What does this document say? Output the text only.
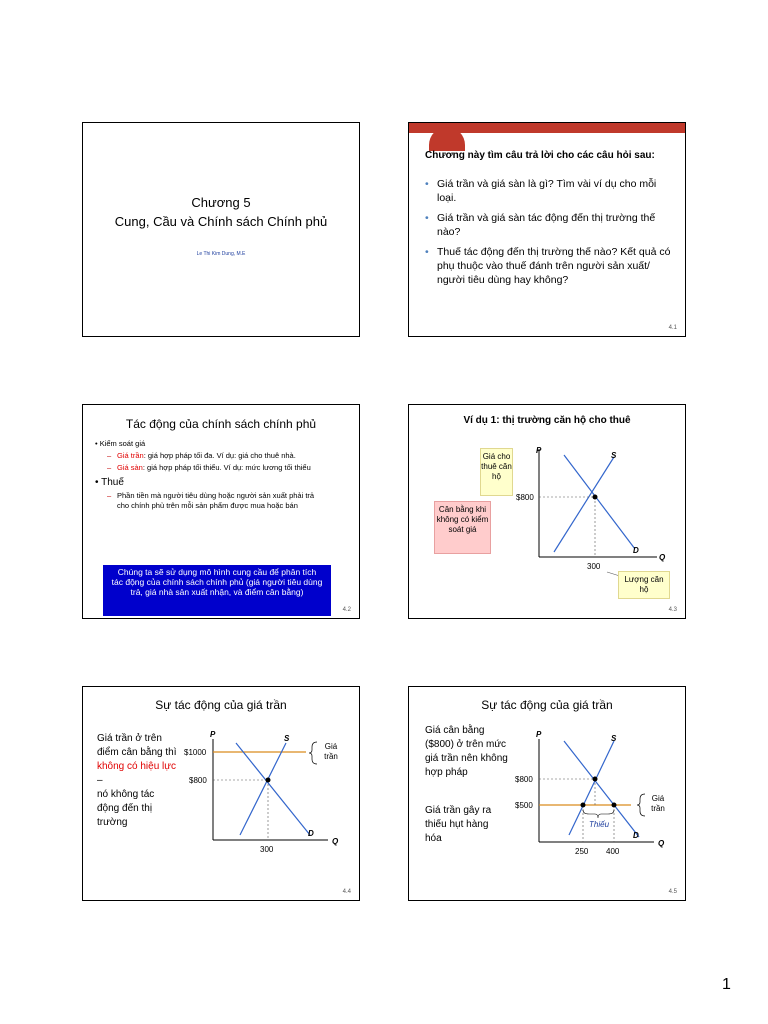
Chương 5
Cung, Cầu và Chính sách Chính phủ
Le Thi Kim Dung, M.E
Chương này tìm câu trả lời cho các câu hỏi sau:
• Giá trần và giá sàn là gì? Tìm vài ví dụ cho mỗi loại.
• Giá trần và giá sàn tác động đến thị trường thế nào?
• Thuế tác động đến thị trường thế nào? Kết quả có phụ thuộc vào thuế đánh trên người sản xuất/ người tiêu dùng hay không?
4.1
Tác động của chính sách chính phủ
• Kiểm soát giá
– Giá trần: giá hợp pháp tối đa. Ví dụ: giá cho thuê nhà.
– Giá sàn: giá hợp pháp tối thiểu. Ví dụ: mức lương tối thiểu
• Thuế
– Phần tiền mà người tiêu dùng hoặc người sản xuất phải trả cho chính phủ trên mỗi sản phẩm được mua hoặc bán
Chúng ta sẽ sử dụng mô hình cung cầu để phân tích tác động của chính sách chính phủ (giá người tiêu dùng trả, giá nhà sản xuất nhận, và điểm cân bằng)
4.2
Ví dụ 1: thị trường căn hộ cho thuê
P
Q
S
D
$800
300
Giá cho thuê căn hộ
Cân bằng khi không có kiểm soát giá
Lượng căn hộ
4.3
Sự tác động của giá trần
Giá trần ở trên điểm cân bằng thì không có hiệu lực –
nó không tác động đến thị trường
P
Q
S
D
$1000
$800
300
Giá trần
4.4
Sự tác động của giá trần
Giá cân bằng ($800) ở trên mức giá trần nên không hợp pháp
Giá trần gây ra thiếu hụt hàng hóa
Thiếu
P
Q
S
D
$800
$500
250 400
Giá trần
4.5
1
